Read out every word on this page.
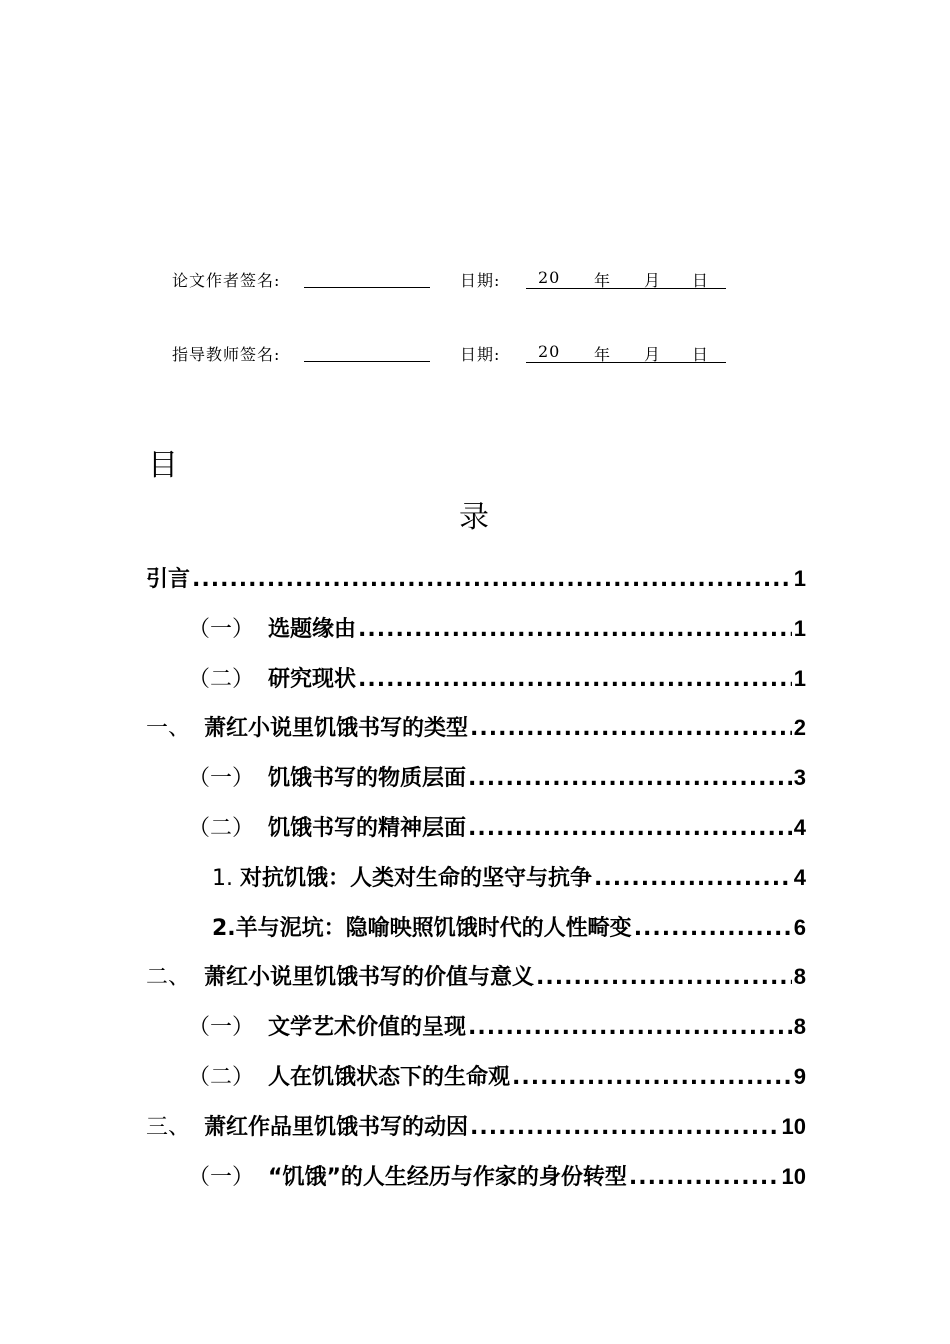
论文作者签名:	日期: 20 年 月 日
指导教师签名:	日期: 20 年 月 日
目
录
引言 .....	1
（一） 选题缘由 .....	1
（二） 研究现状 .....	1
一、 萧红小说里饥饿书写的类型 .....	2
（一） 饥饿书写的物质层面 .....	3
（二） 饥饿书写的精神层面 .....	4
1. 对抗饥饿：人类对生命的坚守与抗争 .....	4
2. 羊与泥坑：隐喻映照饥饿时代的人性畸变 .....	6
二、 萧红小说里饥饿书写的价值与意义 .....	8
（一） 文学艺术价值的呈现 .....	8
（二） 人在饥饿状态下的生命观 .....	9
三、 萧红作品里饥饿书写的动因 .....	10
（一） “饥饿”的人生经历与作家的身份转型 .....	10
